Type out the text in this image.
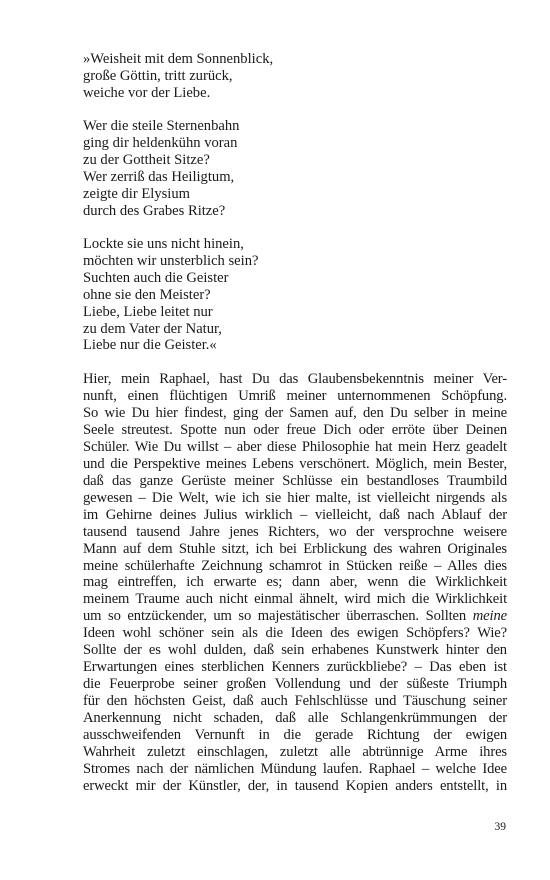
»Weisheit mit dem Sonnenblick,
große Göttin, tritt zurück,
weiche vor der Liebe.
Wer die steile Sternenbahn
ging dir heldenkühn voran
zu der Gottheit Sitze?
Wer zerriß das Heiligtum,
zeigte dir Elysium
durch des Grabes Ritze?
Lockte sie uns nicht hinein,
möchten wir unsterblich sein?
Suchten auch die Geister
ohne sie den Meister?
Liebe, Liebe leitet nur
zu dem Vater der Natur,
Liebe nur die Geister.«
Hier, mein Raphael, hast Du das Glaubensbekenntnis meiner Ver-
nunft, einen flüchtigen Umriß meiner unternommenen Schöpfung.
So wie Du hier findest, ging der Samen auf, den Du selber in meine
Seele streutest. Spotte nun oder freue Dich oder erröte über Deinen
Schüler. Wie Du willst – aber diese Philosophie hat mein Herz geadelt
und die Perspektive meines Lebens verschönert. Möglich, mein Bester,
daß das ganze Gerüste meiner Schlüsse ein bestandloses Traumbild
gewesen – Die Welt, wie ich sie hier malte, ist vielleicht nirgends als
im Gehirne deines Julius wirklich – vielleicht, daß nach Ablauf der
tausend tausend Jahre jenes Richters, wo der versprochne weisere
Mann auf dem Stuhle sitzt, ich bei Erblickung des wahren Originales
meine schülerhafte Zeichnung schamrot in Stücken reiße – Alles dies
mag eintreffen, ich erwarte es; dann aber, wenn die Wirklichkeit
meinem Traume auch nicht einmal ähnelt, wird mich die Wirklichkeit
um so entzückender, um so majestätischer überraschen. Sollten meine
Ideen wohl schöner sein als die Ideen des ewigen Schöpfers? Wie?
Sollte der es wohl dulden, daß sein erhabenes Kunstwerk hinter den
Erwartungen eines sterblichen Kenners zurückbliebe? – Das eben ist
die Feuerprobe seiner großen Vollendung und der süßeste Triumph
für den höchsten Geist, daß auch Fehlschlüsse und Täuschung seiner
Anerkennung nicht schaden, daß alle Schlangenkrümmungen der
ausschweifenden Vernunft in die gerade Richtung der ewigen
Wahrheit zuletzt einschlagen, zuletzt alle abtrünnige Arme ihres
Stromes nach der nämlichen Mündung laufen. Raphael – welche Idee
erweckt mir der Künstler, der, in tausend Kopien anders entstellt, in
39
